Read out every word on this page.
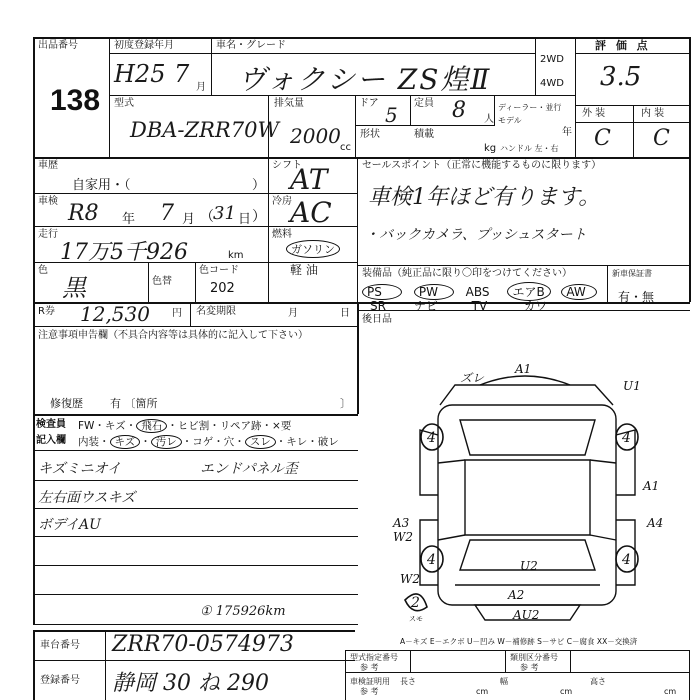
出品番号
138
初度登録年月
H25 7 月
車名・グレード
ヴォクシー ZS煌Ⅱ
2WD
4WD
評 価 点
3.5
外 装	内 装
C C
型式
DBA-ZRR70W
排気量
2000 cc
ドア 5 定員 8 人
ディーラー・並行
モデル
年
形状	積載
kg ハンドル 左・右
車歴
自家用・（	）
シフト
AT
車検 R8 年 7 月 （ 31 日 ）
冷房
AC
走行
17万5千926	km
燃料
ガソリン
軽 油
色
黒	色替
色コード
202
セールスポイント（正常に機能するものに限ります）
車検1年ほど有ります。
・バックカメラ、プッシュスタート
装備品（純正品に限り〇印をつけてください）
PS	PW ABS エアB AW
SR ナビ	TV	カワ
新車保証書
有・無
R券 12,530 円 名変期限	月	日
後日品
注意事項申告欄（不具合内容等は具体的に記入して下さい）
修復歴 有 〔箇所	〕
検査員
記入欄
FW・キズ・ 飛石 ・ヒビ割・リペア跡・×要
内装・ キズ ・ 汚レ ・コゲ・穴・ スレ ・キレ・破レ
キズミニオイ
左右面ウスキズ
ボデイAU
エンドパネル歪
① 175926km
ズレ
A1
U1
A1
A4
A3
W2
W2
U2
A2
AU2
4	4
4	4
2
スモ
A－キズ E－エクボ U－凹み W－補修跡 S－サビ C－腐食 XX－交換済
車台番号 ZRR70-0574973
登録番号 静岡 30 ね 290
型式指定番号
参 考
類別区分番号
参 考
長さ
cm
幅
cm
高さ
cm
車検証明用
参 考
